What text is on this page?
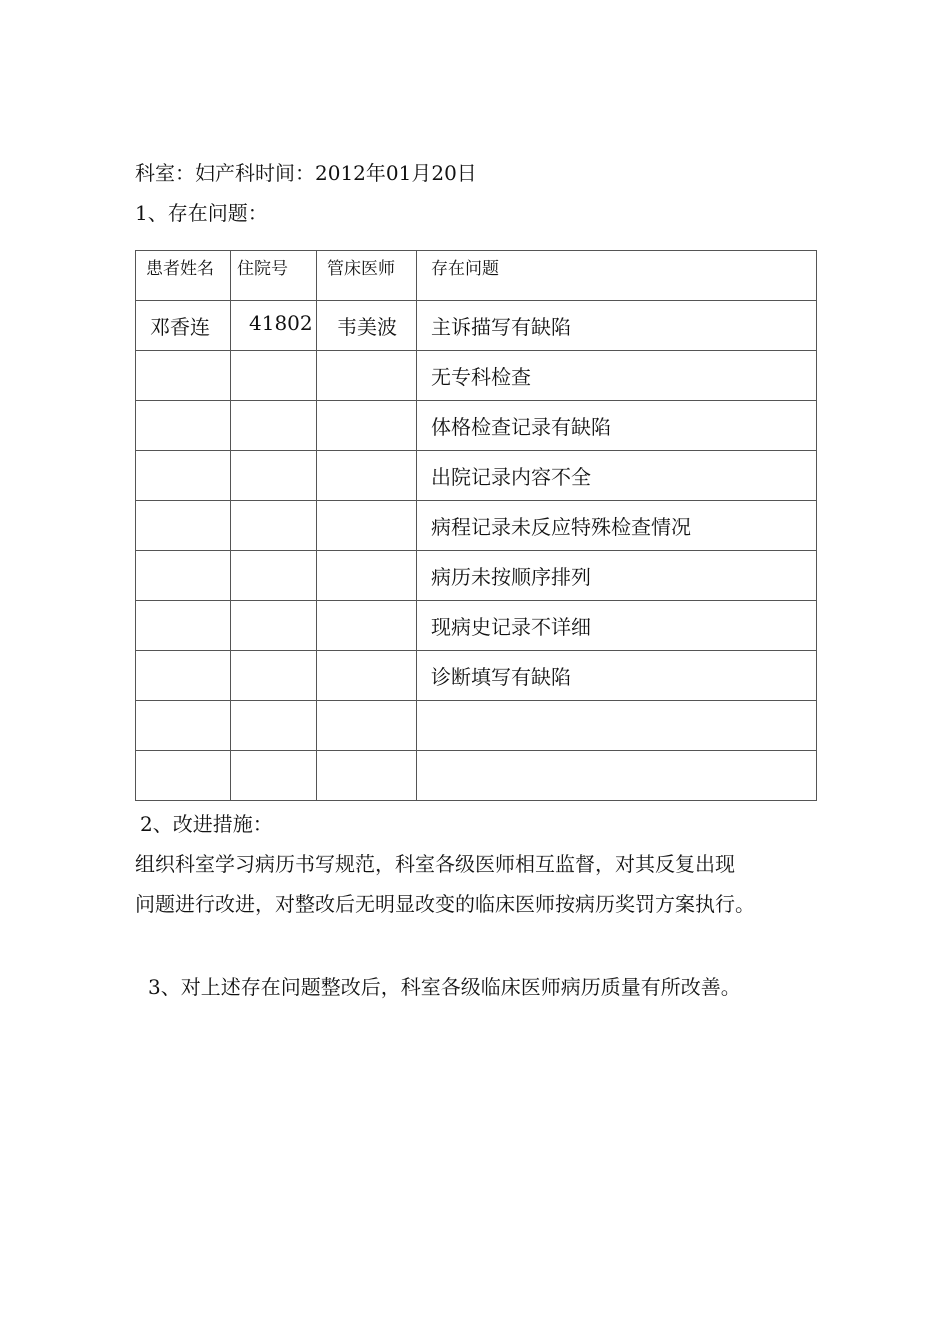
科室：妇产科时间：2012年01月20日
1、存在问题：
患者姓名	住院号	管床医师	存在问题
邓香连	41802	韦美波	主诉描写有缺陷
			无专科检查
			体格检查记录有缺陷
			出院记录内容不全
			病程记录未反应特殊检查情况
			病历未按顺序排列
			现病史记录不详细
			诊断填写有缺陷

2、改进措施：
组织科室学习病历书写规范，科室各级医师相互监督，对其反复出现
问题进行改进，对整改后无明显改变的临床医师按病历奖罚方案执行。
3、对上述存在问题整改后，科室各级临床医师病历质量有所改善。
